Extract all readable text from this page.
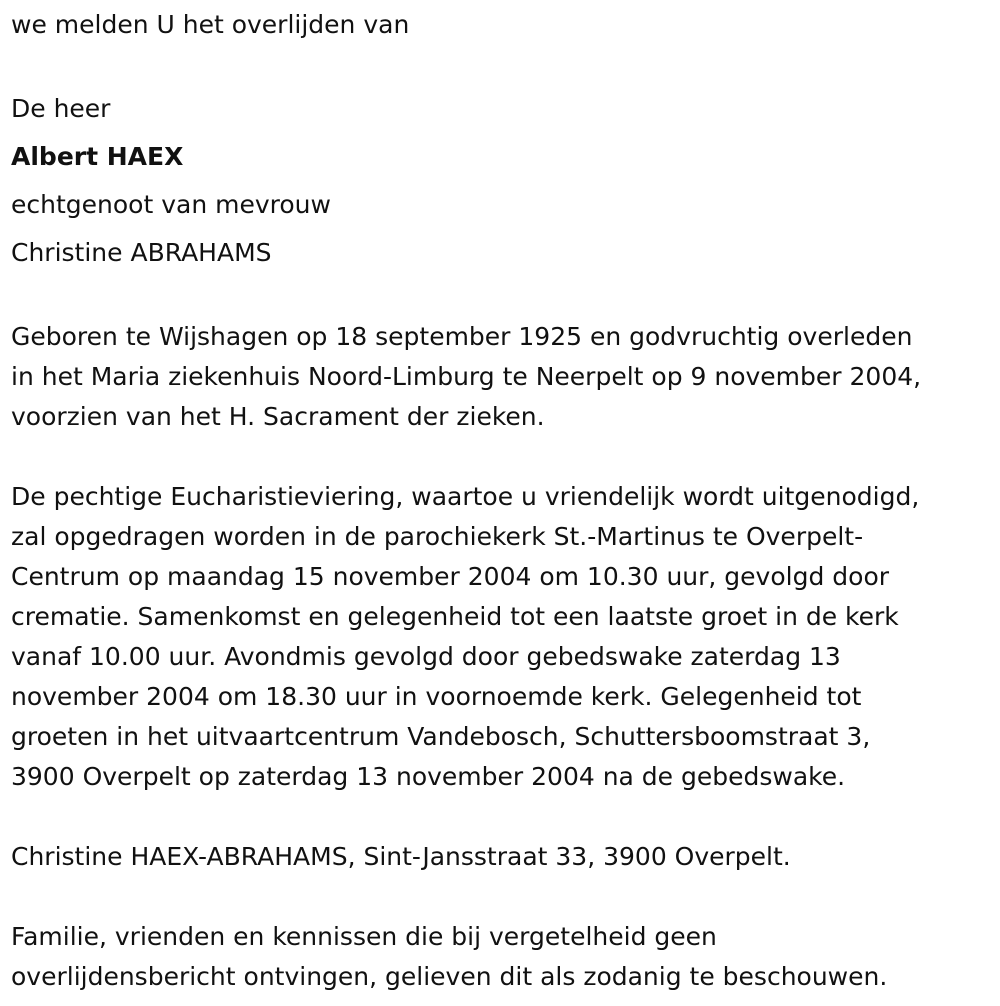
we melden U het overlijden van
De heer
Albert HAEX
echtgenoot van mevrouw
Christine ABRAHAMS
Geboren te Wijshagen op 18 september 1925 en godvruchtig overleden
in het Maria ziekenhuis Noord-Limburg te Neerpelt op 9 november 2004,
voorzien van het H. Sacrament der zieken.
De pechtige Eucharistieviering, waartoe u vriendelijk wordt uitgenodigd,
zal opgedragen worden in de parochiekerk St.-Martinus te Overpelt-
Centrum op maandag 15 november 2004 om 10.30 uur, gevolgd door
crematie. Samenkomst en gelegenheid tot een laatste groet in de kerk
vanaf 10.00 uur. Avondmis gevolgd door gebedswake zaterdag 13
november 2004 om 18.30 uur in voornoemde kerk. Gelegenheid tot
groeten in het uitvaartcentrum Vandebosch, Schuttersboomstraat 3,
3900 Overpelt op zaterdag 13 november 2004 na de gebedswake.
Christine HAEX-ABRAHAMS, Sint-Jansstraat 33, 3900 Overpelt.
Familie, vrienden en kennissen die bij vergetelheid geen
overlijdensbericht ontvingen, gelieven dit als zodanig te beschouwen.
